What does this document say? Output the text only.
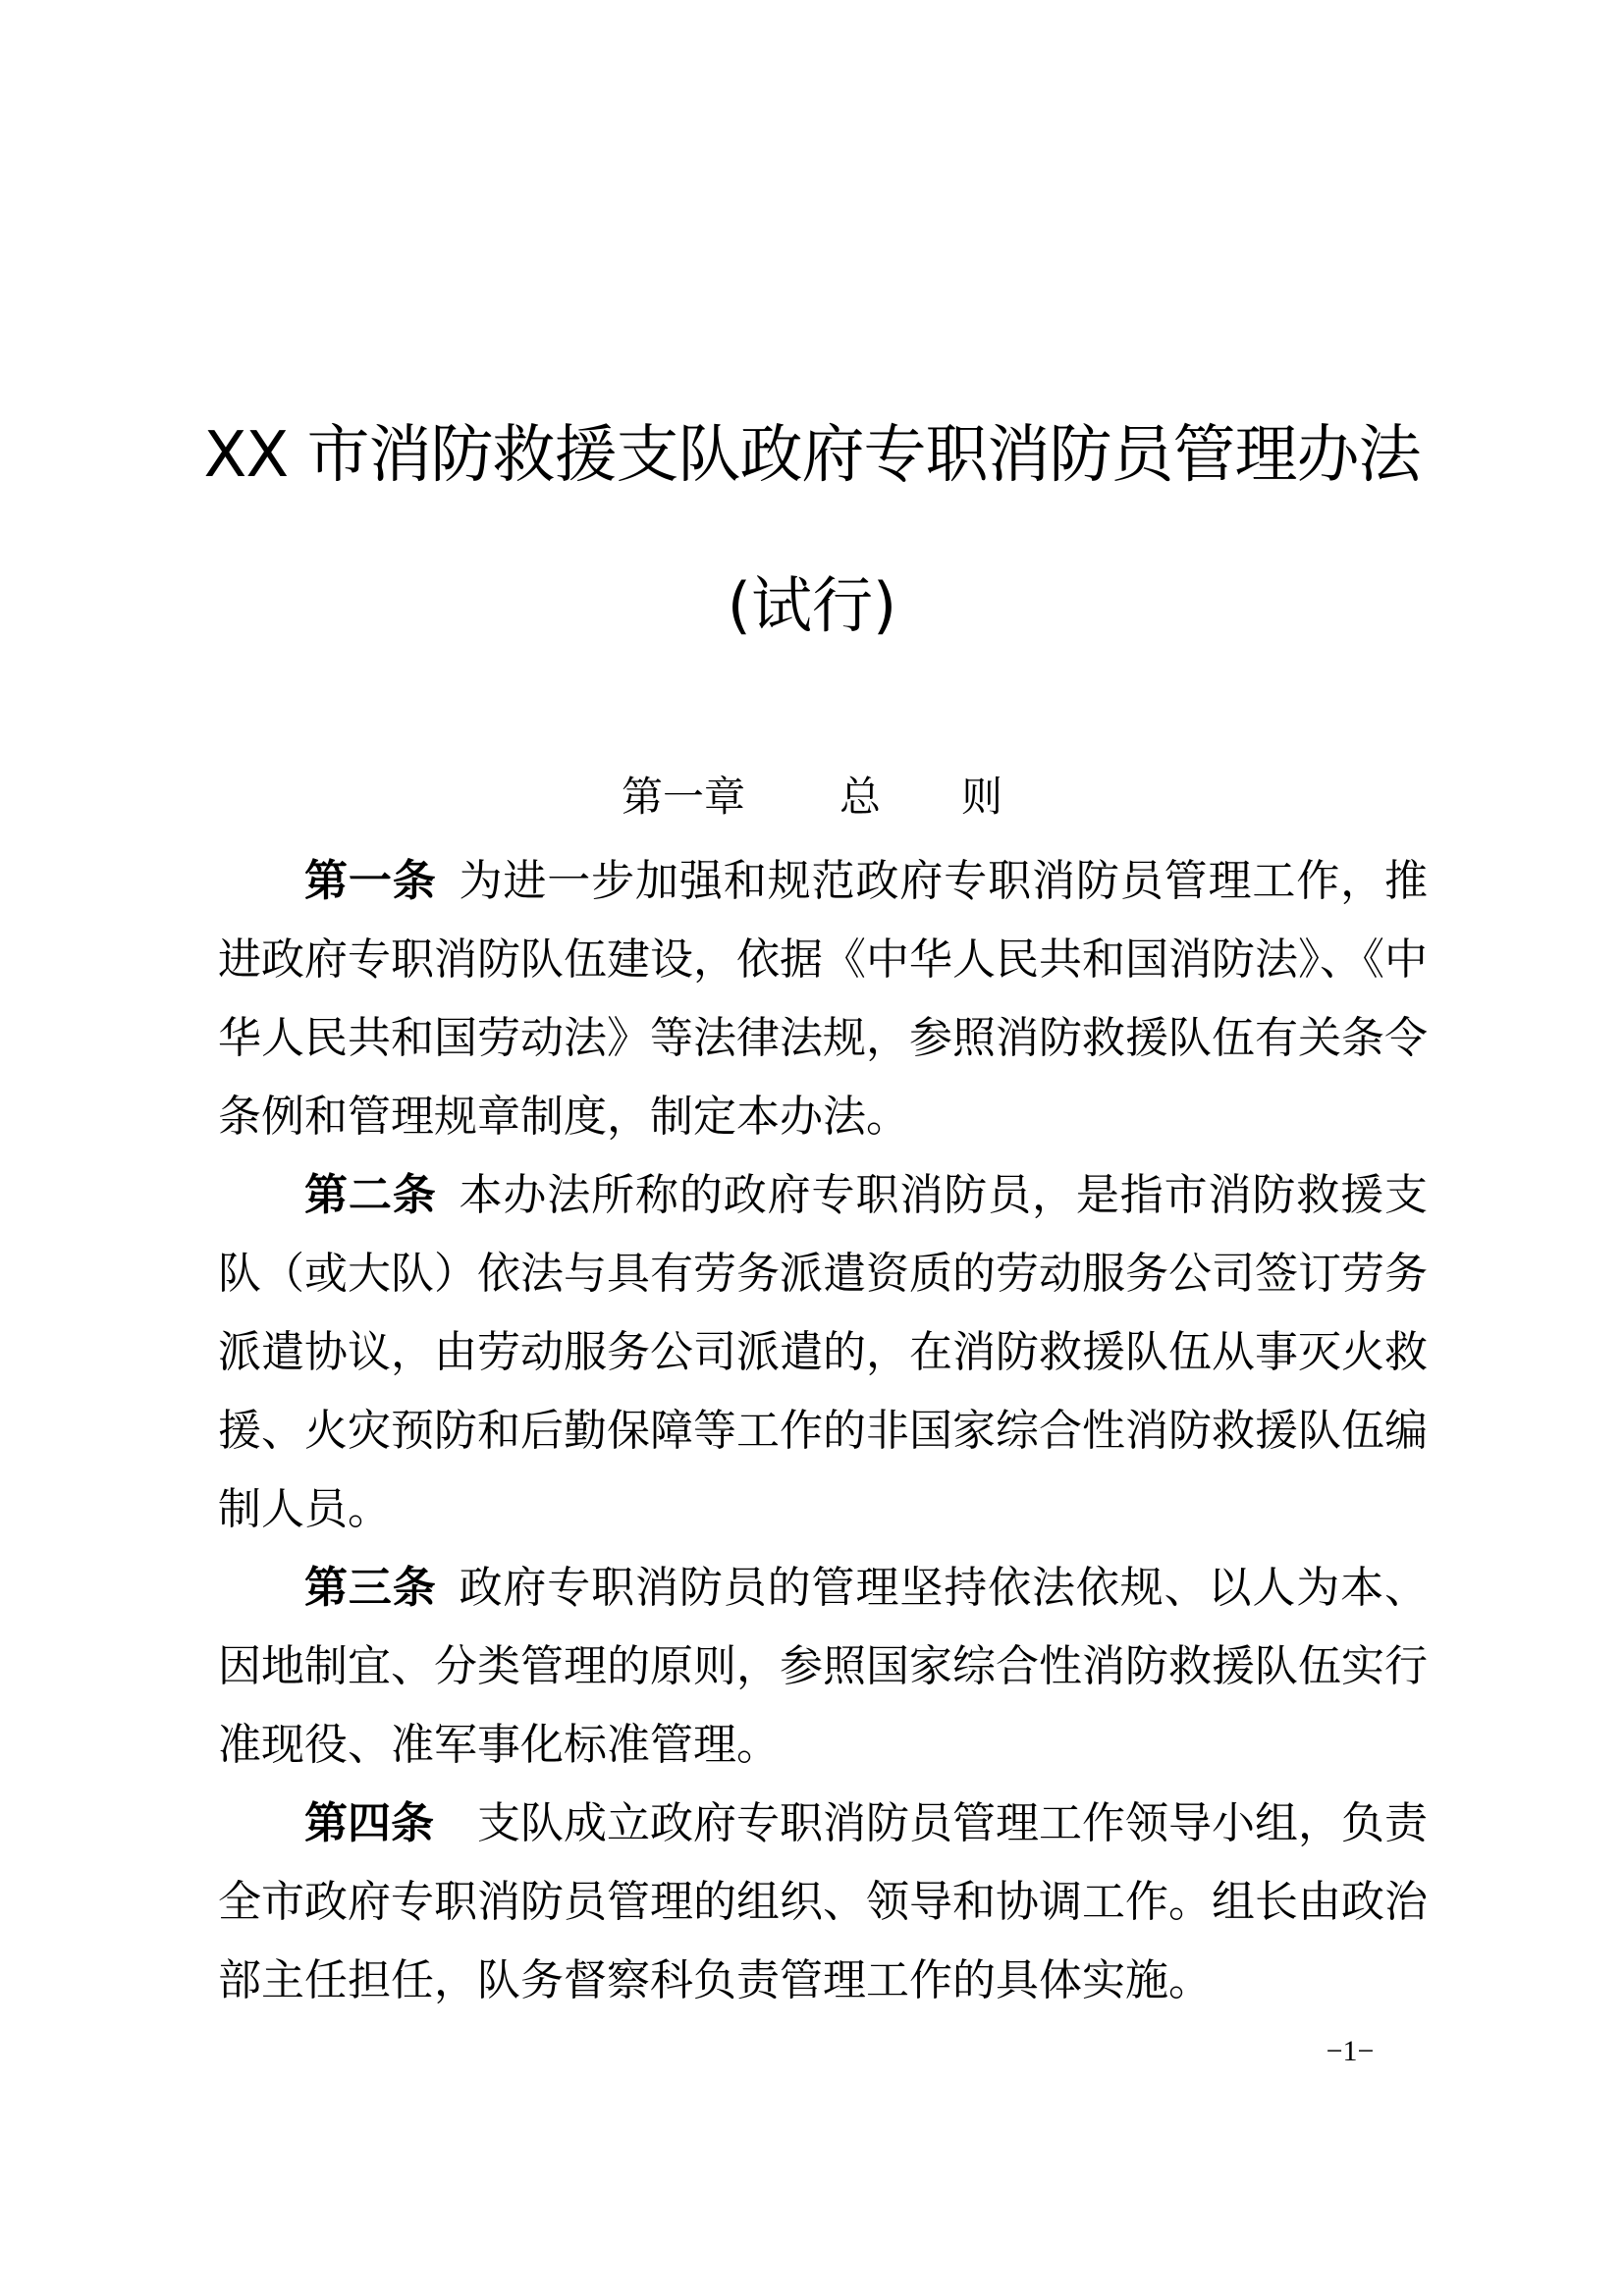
XX 市消防救援支队政府专职消防员管理办法
(试行)
第一章 总 则

第一条 为进一步加强和规范政府专职消防员管理工作，推进政府专职消防队伍建设，依据《中华人民共和国消防法》、《中华人民共和国劳动法》等法律法规，参照消防救援队伍有关条令条例和管理规章制度，制定本办法。

第二条 本办法所称的政府专职消防员，是指市消防救援支队（或大队）依法与具有劳务派遣资质的劳动服务公司签订劳务派遣协议，由劳动服务公司派遣的，在消防救援队伍从事灭火救援、火灾预防和后勤保障等工作的非国家综合性消防救援队伍编制人员。

第三条 政府专职消防员的管理坚持依法依规、以人为本、因地制宜、分类管理的原则，参照国家综合性消防救援队伍实行准现役、准军事化标准管理。

第四条 支队成立政府专职消防员管理工作领导小组，负责全市政府专职消防员管理的组织、领导和协调工作。组长由政治部主任担任，队务督察科负责管理工作的具体实施。

−1−
